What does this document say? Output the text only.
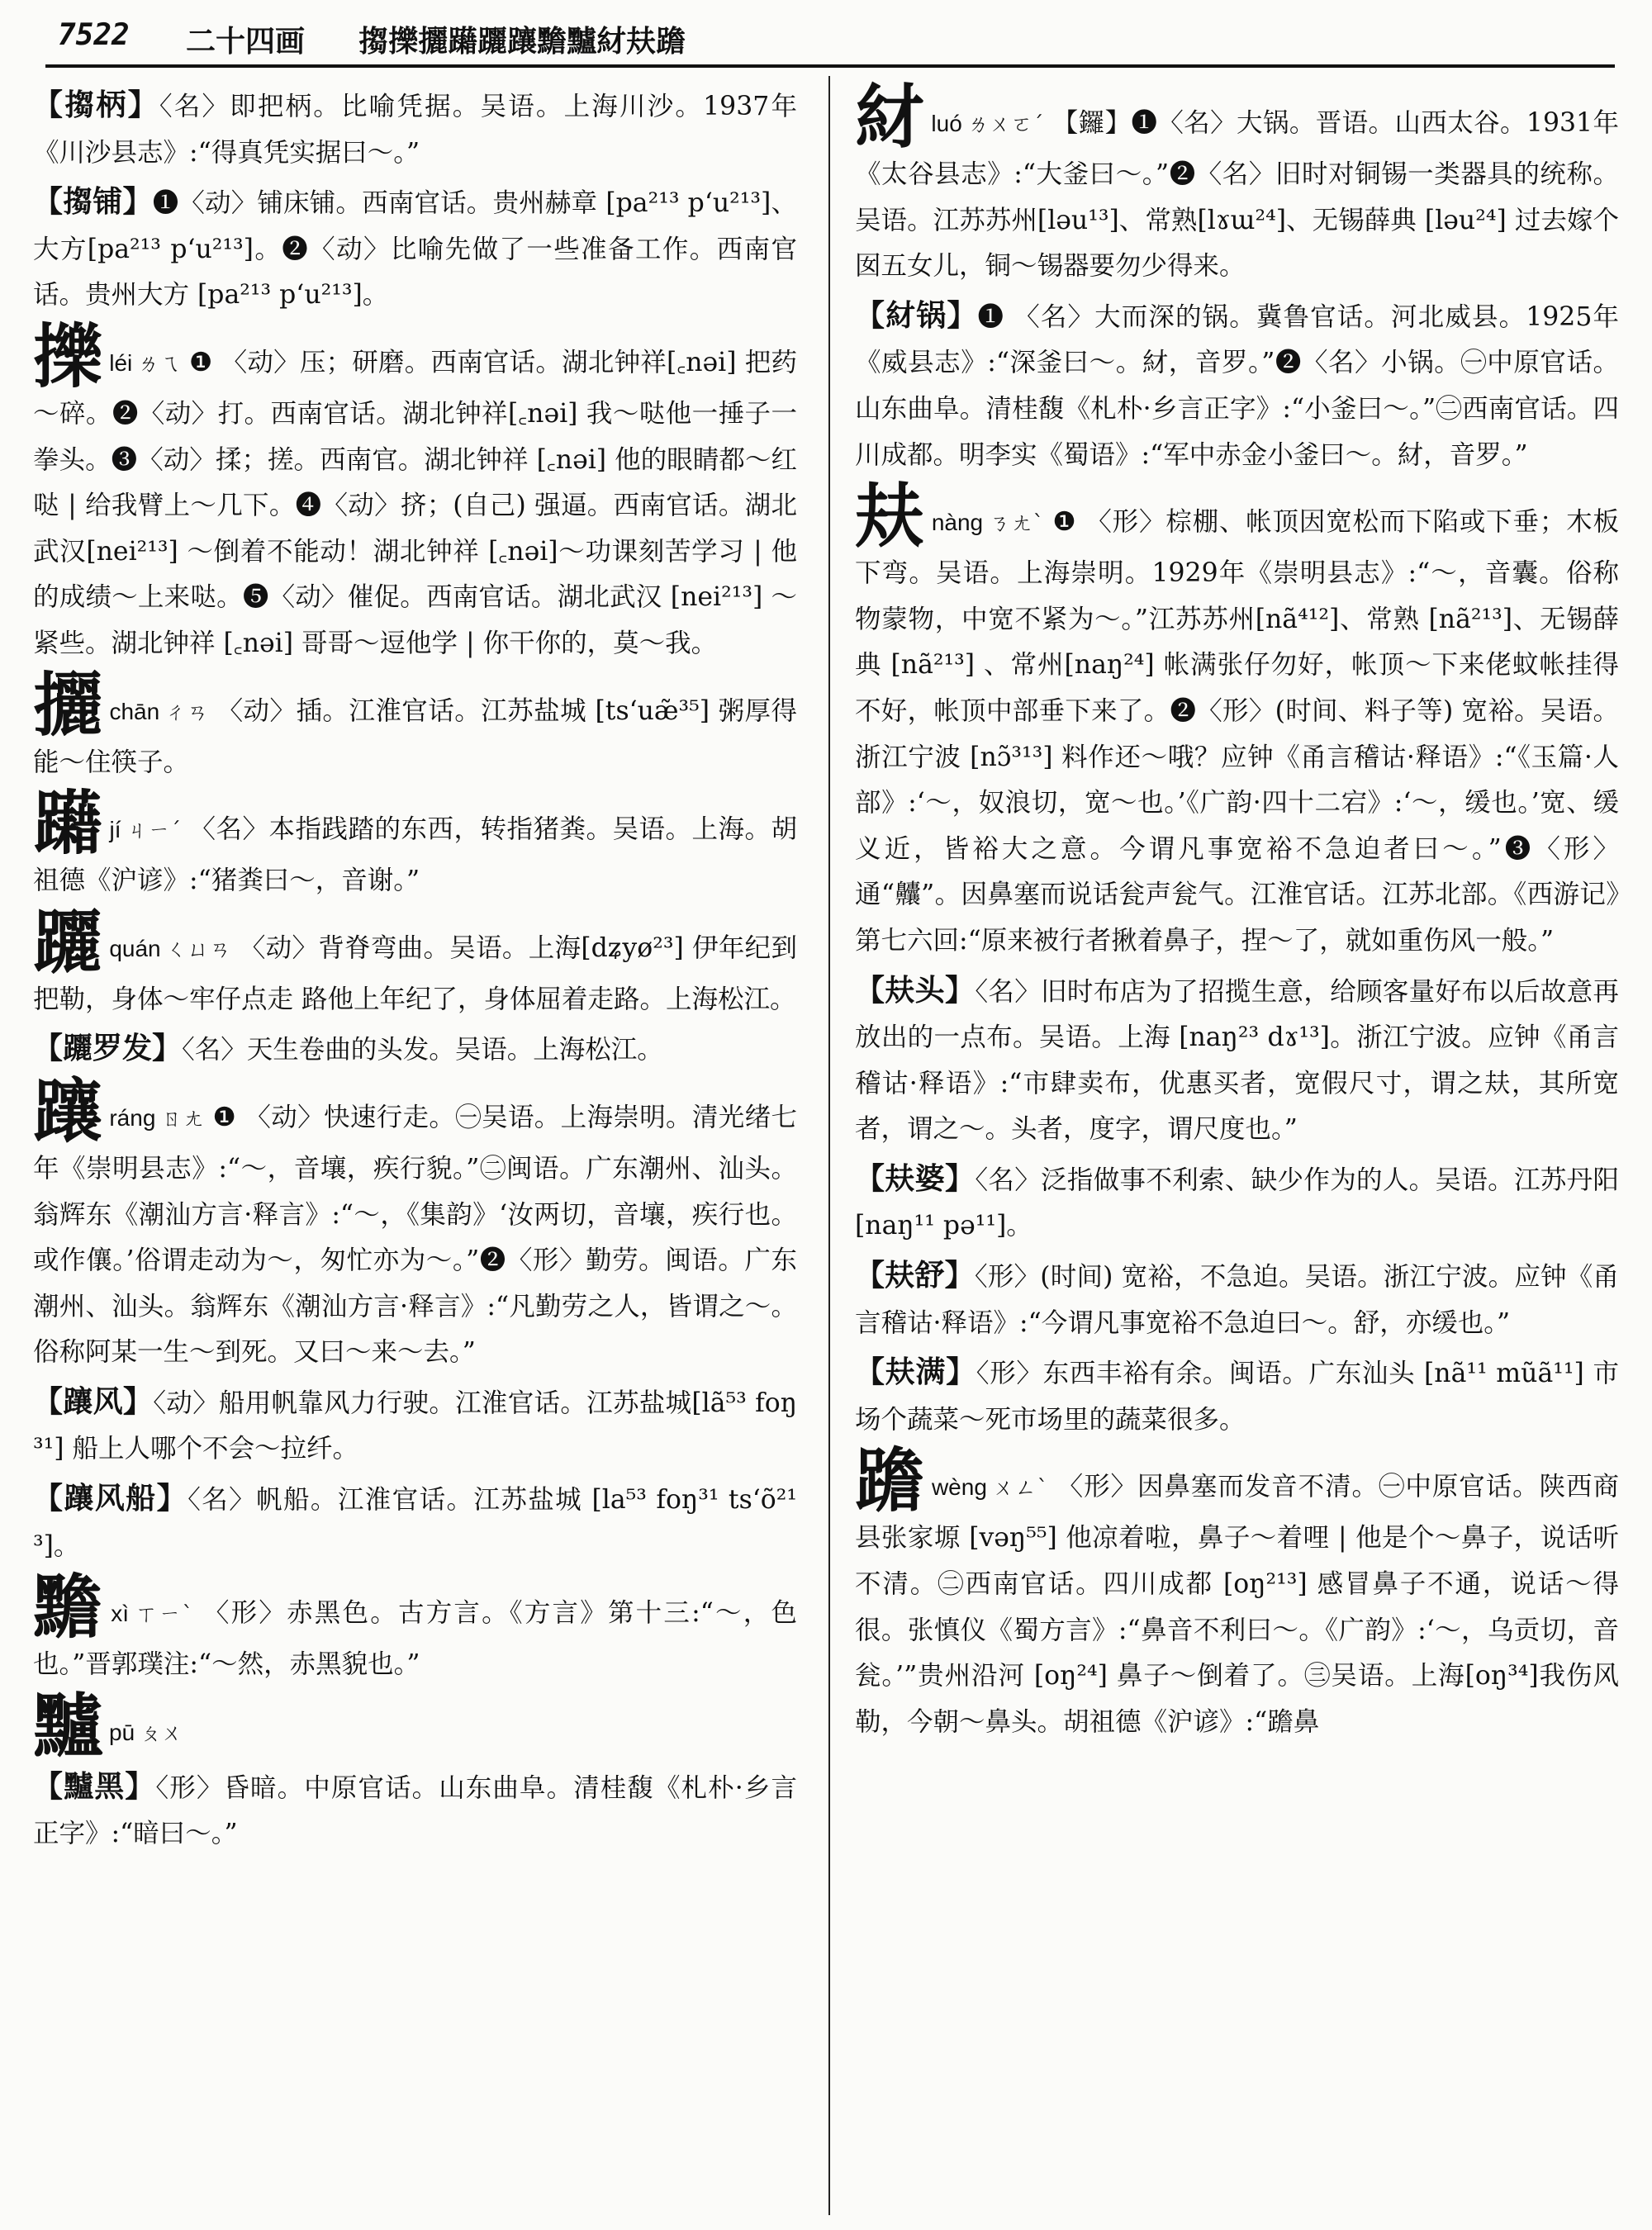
7522 二十四画 搊擽攦躤躧躟黵黸䊷㚘䠨
【搊柄】〈名〉即把柄。比喻凭据。吴语。上海川沙。1937年《川沙县志》:“得真凭实据曰～。”
【搊铺】❶〈动〉铺床铺。西南官话。贵州赫章 [pa²¹³ pʻu²¹³]、大方[pa²¹³ pʻu²¹³]。❷〈动〉比喻先做了一些准备工作。西南官话。贵州大方 [pa²¹³ pʻu²¹³]。
擽léi ㄌㄟ ❶ 〈动〉压；研磨。西南官话。湖北钟祥[꜀nəi] 把药～碎。❷〈动〉打。西南官话。湖北钟祥[꜀nəi] 我～哒他一捶子一拳头。❸〈动〉揉；搓。西南官。湖北钟祥 [꜀nəi] 他的眼睛都～红哒 | 给我臂上～几下。❹〈动〉挤；(自己) 强逼。西南官话。湖北武汉[nei²¹³] ～倒着不能动！湖北钟祥 [꜀nəi]～功课刻苦学习 | 他的成绩～上来哒。❺〈动〉催促。西南官话。湖北武汉 [nei²¹³] ～紧些。湖北钟祥 [꜀nəi] 哥哥～逗他学 | 你干你的，莫～我。
攦chān ㄔㄢ 〈动〉插。江淮官话。江苏盐城 [tsʻuæ̃³⁵] 粥厚得能～住筷子。
躤jí ㄐㄧˊ 〈名〉本指践踏的东西，转指猪粪。吴语。上海。胡祖德《沪谚》:“猪粪曰～，音谢。”
躧quán ㄑㄩㄢ 〈动〉背脊弯曲。吴语。上海[dʑyø²³] 伊年纪到把勒，身体～牢仔点走 路他上年纪了，身体屈着走路。上海松江。
【躧罗发】〈名〉天生卷曲的头发。吴语。上海松江。
躟ráng ㄖㄤ ❶ 〈动〉快速行走。㊀吴语。上海崇明。清光绪七年《崇明县志》:“～，音壤，疾行貌。”㊁闽语。广东潮州、汕头。翁辉东《潮汕方言·释言》:“～，《集韵》‘汝两切，音壤，疾行也。或作儴。’俗谓走动为～，匆忙亦为～。”❷〈形〉勤劳。闽语。广东潮州、汕头。翁辉东《潮汕方言·释言》:“凡勤劳之人，皆谓之～。俗称阿某一生～到死。又曰～来～去。”
【躟风】〈动〉船用帆靠风力行驶。江淮官话。江苏盐城[lã⁵³ foŋ³¹] 船上人哪个不会～拉纤。
【躟风船】〈名〉帆船。江淮官话。江苏盐城 [la⁵³ foŋ³¹ tsʻõ²¹³]。
黵xì ㄒㄧˋ 〈形〉赤黑色。古方言。《方言》第十三:“～，色也。”晋郭璞注:“～然，赤黑貌也。”
黸pū ㄆㄨ
【黸黑】〈形〉昏暗。中原官话。山东曲阜。清桂馥《札朴·乡言正字》:“暗曰～。”
䊷luó ㄌㄨㄛˊ 【鑼】❶〈名〉大锅。晋语。山西太谷。1931年《太谷县志》:“大釜曰～。”❷〈名〉旧时对铜锡一类器具的统称。吴语。江苏苏州[ləu¹³]、常熟[lɤɯ²⁴]、无锡薛典 [ləu²⁴] 过去嫁个囡五女儿，铜～锡器要勿少得来。
【䊷锅】❶ 〈名〉大而深的锅。冀鲁官话。河北威县。1925年《威县志》:“深釜曰～。䊷，音罗。”❷〈名〉小锅。㊀中原官话。山东曲阜。清桂馥《札朴·乡言正字》:“小釜曰～。”㊁西南官话。四川成都。明李实《蜀语》:“军中赤金小釜曰～。䊷，音罗。”
㚘nàng ㄋㄤˋ ❶ 〈形〉棕棚、帐顶因宽松而下陷或下垂；木板下弯。吴语。上海崇明。1929年《崇明县志》:“～，音囊。俗称物蒙物，中宽不紧为～。”江苏苏州[nã⁴¹²]、常熟 [nã²¹³]、无锡薛典 [nã²¹³] 、常州[naŋ²⁴] 帐满张仔勿好，帐顶～下来佬蚊帐挂得不好，帐顶中部垂下来了。❷〈形〉(时间、料子等) 宽裕。吴语。浙江宁波 [nɔ̃³¹³] 料作还～哦？应钟《甬言稽诂·释语》:“《玉篇·人部》:‘～，奴浪切，宽～也。’《广韵·四十二宕》:‘～，缓也。’宽、缓义近，皆裕大之意。今谓凡事宽裕不急迫者曰～。”❸〈形〉通“齉”。因鼻塞而说话瓮声瓮气。江淮官话。江苏北部。《西游记》第七六回:“原来被行者揪着鼻子，捏～了，就如重伤风一般。”
【㚘头】〈名〉旧时布店为了招揽生意，给顾客量好布以后故意再放出的一点布。吴语。上海 [naŋ²³ dɤ¹³]。浙江宁波。应钟《甬言稽诂·释语》:“市肆卖布，优惠买者，宽假尺寸，谓之㚘，其所宽者，谓之～。头者，度字，谓尺度也。”
【㚘婆】〈名〉泛指做事不利索、缺少作为的人。吴语。江苏丹阳 [naŋ¹¹ pə¹¹]。
【㚘舒】〈形〉(时间) 宽裕，不急迫。吴语。浙江宁波。应钟《甬言稽诂·释语》:“今谓凡事宽裕不急迫曰～。舒，亦缓也。”
【㚘满】〈形〉东西丰裕有余。闽语。广东汕头 [nã¹¹ mũã¹¹] 市场个蔬菜～死市场里的蔬菜很多。
䠨wèng ㄨㄥˋ 〈形〉因鼻塞而发音不清。㊀中原官话。陕西商县张家塬 [vəŋ⁵⁵] 他凉着啦，鼻子～着哩 | 他是个～鼻子，说话听不清。㊁西南官话。四川成都 [oŋ²¹³] 感冒鼻子不通，说话～得很。张慎仪《蜀方言》:“鼻音不利曰～。《广韵》:‘～，乌贡切，音瓮。’”贵州沿河 [oŋ²⁴] 鼻子～倒着了。㊂吴语。上海[oŋ³⁴]我伤风勒，今朝～鼻头。胡祖德《沪谚》:“䠨鼻
